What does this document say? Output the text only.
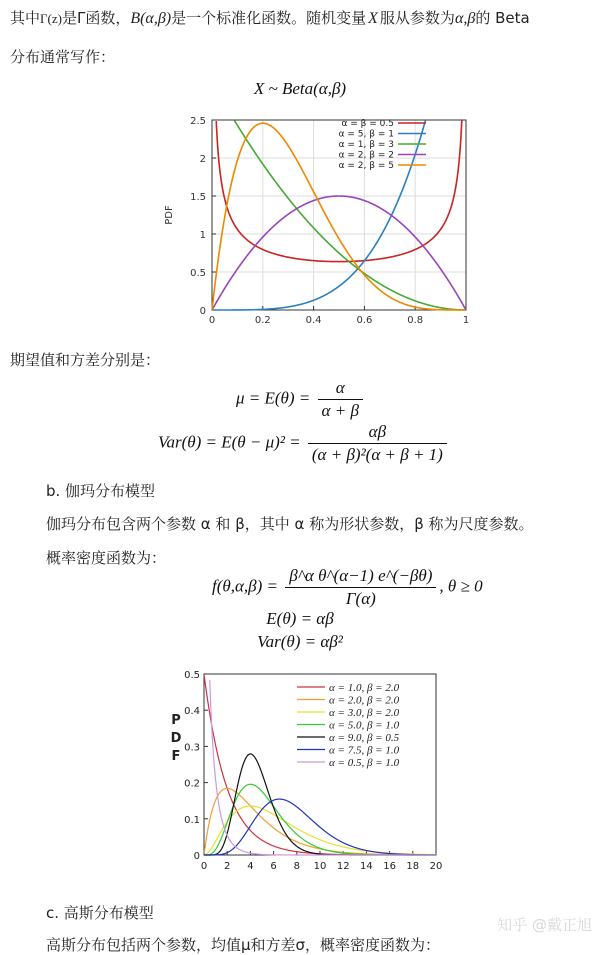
其中Γ(z)是Γ函数，B(α,β)是一个标准化函数。随机变量 X 服从参数为α,β的 Beta
分布通常写作：
X ~ Beta(α,β)
0	0.2	0.4	0.6	0.8	1
0
0.5
1
1.5
2
2.5	α = β = 0.5
α = 5, β = 1
α = 1, β = 3
α = 2, β = 2
α = 2, β = 5
PDF
期望值和方差分别是：
$\mu = E(\theta) = \frac{\alpha}{\alpha + \beta}$
$Var(\theta) = E(\theta - \mu)^2 = \frac{\alpha\beta}{\text{(α + β)²(α + β + 1)}}$
b. 伽玛分布模型
伽玛分布包含两个参数 α 和 β，其中 α 称为形状参数，β 称为尺度参数。
概率密度函数为：
$f(\theta,\alpha,\beta) = \frac{\text{β\textasciicircum{}α θ\textasciicircum{}(α−1) e\textasciicircum{}(−βθ)}}{\Gamma(\alpha)}$ , θ ≥ 0
E(θ) = αβ
Var(θ) = αβ²
0 2 4 6 8 10 12 14 16 18 20
0
0.1
0.2
0.3
0.4
0.5
α = 1.0, β = 2.0
α = 2.0, β = 2.0
α = 3.0, β = 2.0
α = 5.0, β = 1.0
α = 9.0, β = 0.5
α = 7.5, β = 1.0
α = 0.5, β = 1.0
P D F
c. 高斯分布模型
高斯分布包括两个参数，均值μ和方差σ，概率密度函数为：
知乎 @戴正旭
